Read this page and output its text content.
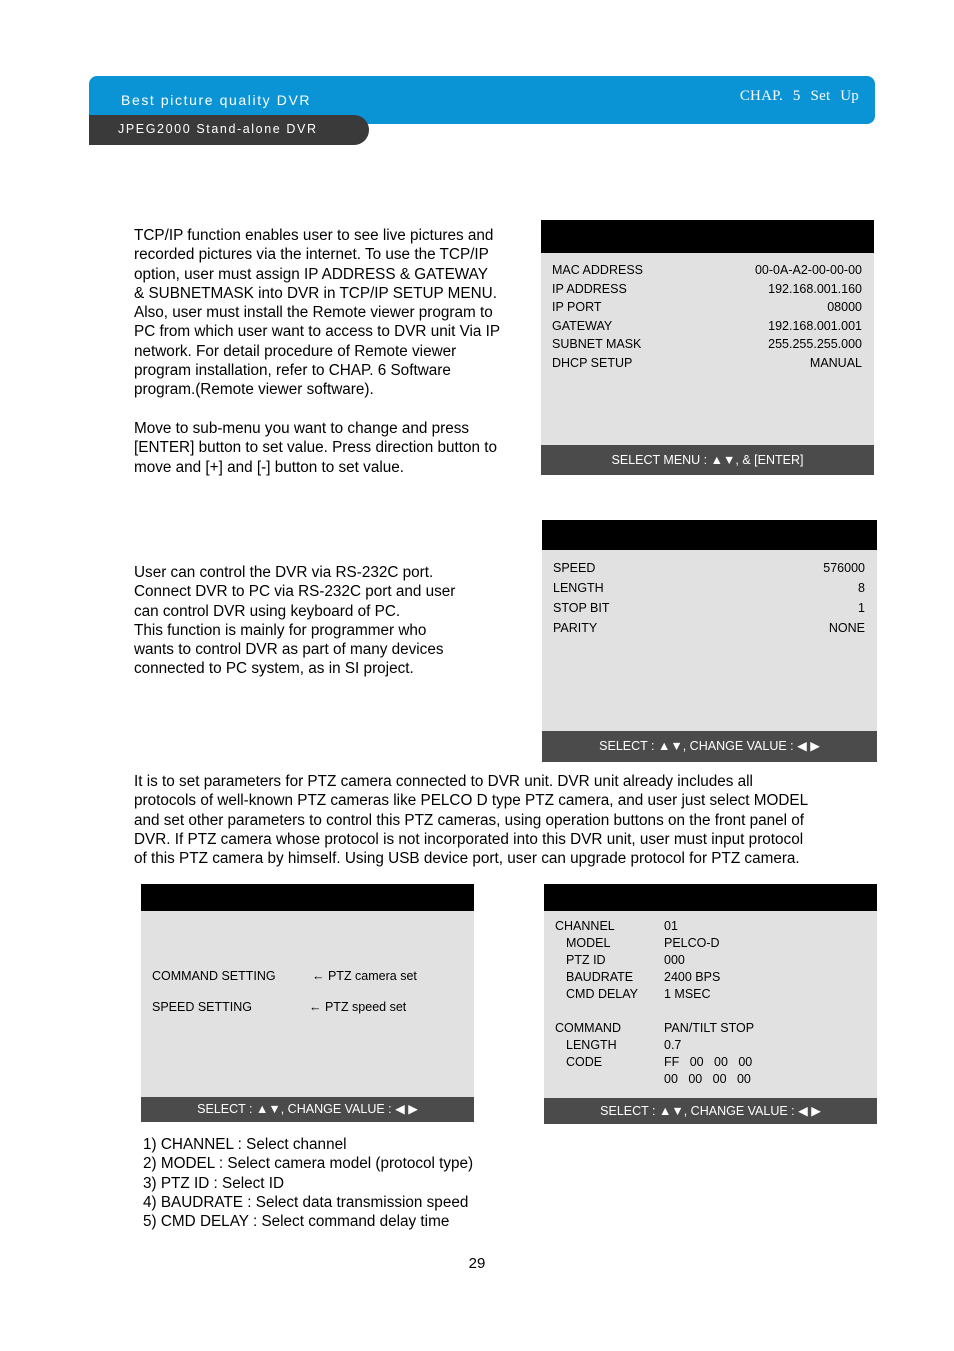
Best picture quality DVR	CHAP. 5 Set Up
JPEG2000 Stand-alone DVR
TCP/IP function enables user to see live pictures and
recorded pictures via the internet. To use the TCP/IP
option, user must assign IP ADDRESS & GATEWAY
& SUBNETMASK into DVR in TCP/IP SETUP MENU.
Also, user must install the Remote viewer program to
PC from which user want to access to DVR unit Via IP
network. For detail procedure of Remote viewer
program installation, refer to CHAP. 6 Software
program.(Remote viewer software).
Move to sub-menu you want to change and press
[ENTER] button to set value. Press direction button to
move and [+] and [-] button to set value.
MAC ADDRESS	00-0A-A2-00-00-00
IP ADDRESS	192.168.001.160
IP PORT	08000
GATEWAY	192.168.001.001
SUBNET MASK	255.255.255.000
DHCP SETUP	MANUAL
SELECT MENU : ▲▼, & [ENTER]
User can control the DVR via RS-232C port.
Connect DVR to PC via RS-232C port and user
can control DVR using keyboard of PC.
This function is mainly for programmer who
wants to control DVR as part of many devices
connected to PC system, as in SI project.
SPEED	576000
LENGTH	8
STOP BIT	1
PARITY	NONE
SELECT : ▲▼, CHANGE VALUE : ◀ ▶
It is to set parameters for PTZ camera connected to DVR unit. DVR unit already includes all
protocols of well-known PTZ cameras like PELCO D type PTZ camera, and user just select MODEL
and set other parameters to control this PTZ cameras, using operation buttons on the front panel of
DVR. If PTZ camera whose protocol is not incorporated into this DVR unit, user must input protocol
of this PTZ camera by himself. Using USB device port, user can upgrade protocol for PTZ camera.
COMMAND SETTING	← PTZ camera set
SPEED SETTING	← PTZ speed set
SELECT : ▲▼, CHANGE VALUE : ◀ ▶
CHANNEL	01
MODEL	PELCO-D
PTZ ID	000
BAUDRATE	2400 BPS
CMD DELAY	1 MSEC
COMMAND	PAN/TILT STOP
LENGTH	0.7
CODE	FF   00   00   00
00   00   00   00
SELECT : ▲▼, CHANGE VALUE : ◀ ▶
1) CHANNEL : Select channel
2) MODEL : Select camera model (protocol type)
3) PTZ ID : Select ID
4) BAUDRATE : Select data transmission speed
5) CMD DELAY : Select command delay time
29
